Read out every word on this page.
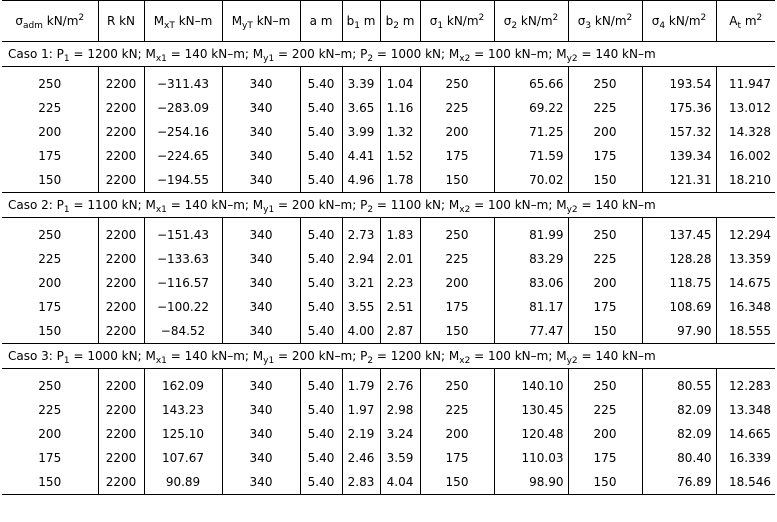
$\sigma_{adm}$ $kN/m^2$	R kN	$M_{xT}$ kN–m	$M_{yT}$ kN–m	a m	$b_1$ m	$b_2$ m	$\sigma_1$ $kN/m^2$	$\sigma_2$ $kN/m^2$	$\sigma_3$ $kN/m^2$	$\sigma_4$ $kN/m^2$	$A_t$ $m^2$
Caso 1: $P_1 = 1200$ kN; $M_{x1} = 140$ kN–m; $M_{y1} = 200$ kN–m; $P_2 = 1000$ kN; $M_{x2} = 100$ kN–m; $M_{y2} = 140$ kN–m											

250	2200	−311.43	340	5.40	3.39	1.04	250	65.66	250	193.54	11.947
225	2200	−283.09	340	5.40	3.65	1.16	225	69.22	225	175.36	13.012
200	2200	−254.16	340	5.40	3.99	1.32	200	71.25	200	157.32	14.328
175	2200	−224.65	340	5.40	4.41	1.52	175	71.59	175	139.34	16.002
150	2200	−194.55	340	5.40	4.96	1.78	150	70.02	150	121.31	18.210
Caso 2: $P_1 = 1100$ kN; $M_{x1} = 140$ kN–m; $M_{y1} = 200$ kN–m; $P_2 = 1100$ kN; $M_{x2} = 100$ kN–m; $M_{y2} = 140$ kN–m											

250	2200	−151.43	340	5.40	2.73	1.83	250	81.99	250	137.45	12.294
225	2200	−133.63	340	5.40	2.94	2.01	225	83.29	225	128.28	13.359
200	2200	−116.57	340	5.40	3.21	2.23	200	83.06	200	118.75	14.675
175	2200	−100.22	340	5.40	3.55	2.51	175	81.17	175	108.69	16.348
150	2200	−84.52	340	5.40	4.00	2.87	150	77.47	150	97.90	18.555
Caso 3: $P_1 = 1000$ kN; $M_{x1} = 140$ kN–m; $M_{y1} = 200$ kN–m; $P_2 = 1200$ kN; $M_{x2} = 100$ kN–m; $M_{y2} = 140$ kN–m											

250	2200	162.09	340	5.40	1.79	2.76	250	140.10	250	80.55	12.283
225	2200	143.23	340	5.40	1.97	2.98	225	130.45	225	82.09	13.348
200	2200	125.10	340	5.40	2.19	3.24	200	120.48	200	82.09	14.665
175	2200	107.67	340	5.40	2.46	3.59	175	110.03	175	80.40	16.339
150	2200	90.89	340	5.40	2.83	4.04	150	98.90	150	76.89	18.546
